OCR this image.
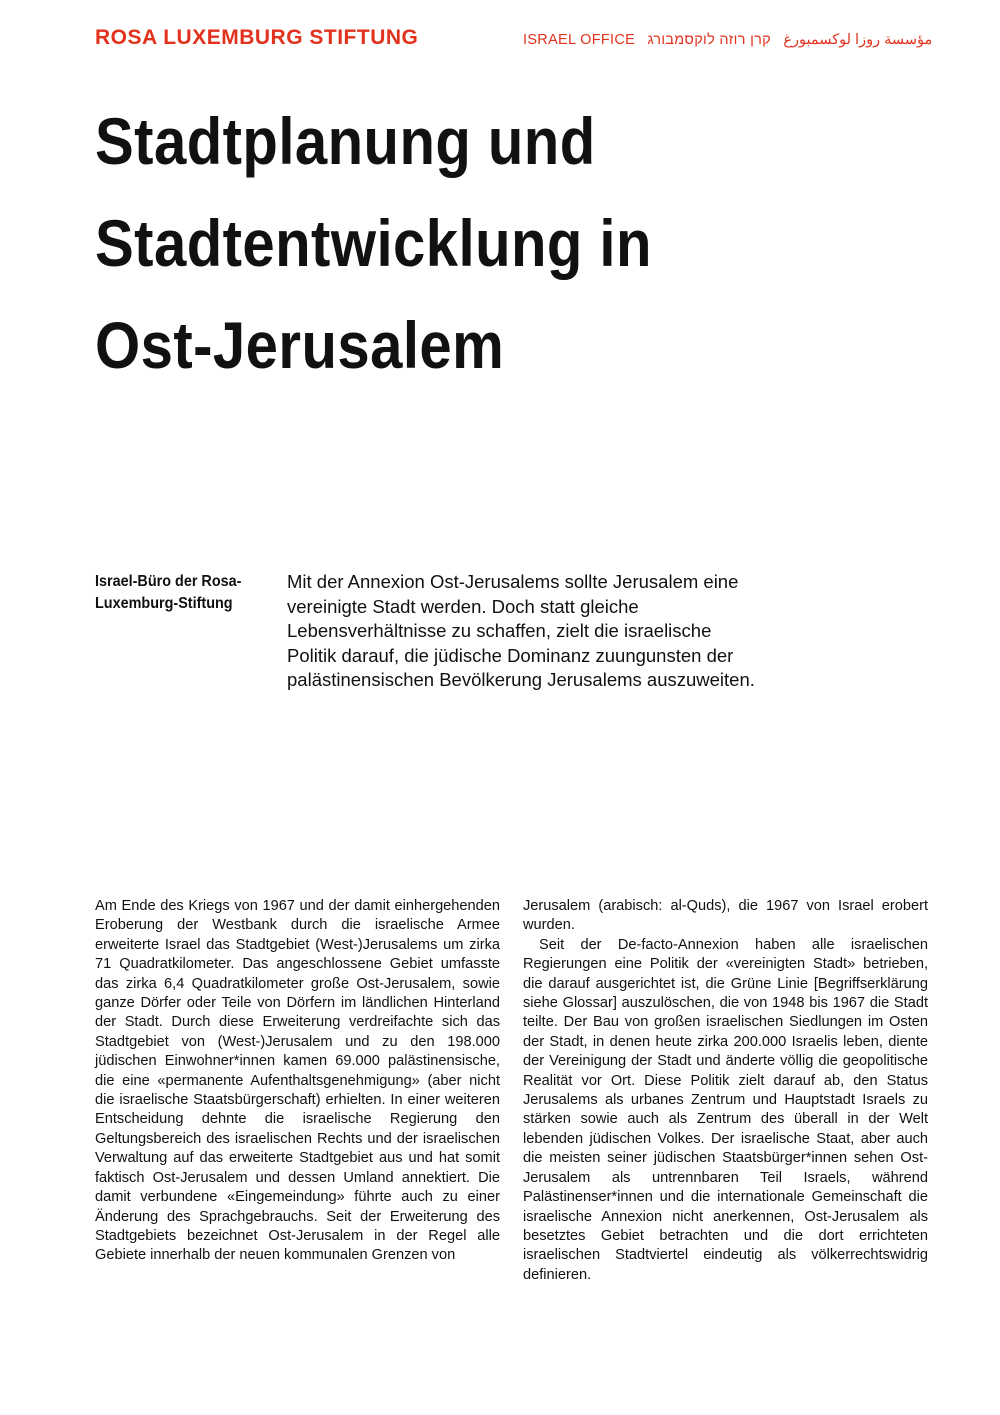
ROSA LUXEMBURG STIFTUNG	ISRAEL OFFICE קרן רוזה לוקסמבורג مؤسسة روزا لوكسمبورغ
Stadtplanung und Stadtentwicklung in Ost-Jerusalem
Israel-Büro der Rosa-Luxemburg-Stiftung

Mit der Annexion Ost-Jerusalems sollte Jerusalem eine vereinigte Stadt werden. Doch statt gleiche Lebensverhältnisse zu schaffen, zielt die israelische Politik darauf, die jüdische Dominanz zuungunsten der palästinensischen Bevölkerung Jerusalems auszuweiten.

Am Ende des Kriegs von 1967 und der damit einhergehenden Eroberung der Westbank durch die israelische Armee erweiterte Israel das Stadtgebiet (West-)Jerusalems um zirka 71 Quadratkilometer. Das angeschlossene Gebiet umfasste das zirka 6,4 Quadratkilometer große Ost-Jerusalem, sowie ganze Dörfer oder Teile von Dörfern im ländlichen Hinterland der Stadt. Durch diese Erweiterung verdreifachte sich das Stadtgebiet von (West-)Jerusalem und zu den 198.000 jüdischen Einwohner*innen kamen 69.000 palästinensische, die eine «permanente Aufenthaltsgenehmigung» (aber nicht die israelische Staatsbürgerschaft) erhielten. In einer weiteren Entscheidung dehnte die israelische Regierung den Geltungsbereich des israelischen Rechts und der israelischen Verwaltung auf das erweiterte Stadtgebiet aus und hat somit faktisch Ost-Jerusalem und dessen Umland annektiert. Die damit verbundene «Eingemeindung» führte auch zu einer Änderung des Sprachgebrauchs. Seit der Erweiterung des Stadtgebiets bezeichnet Ost-Jerusalem in der Regel alle Gebiete innerhalb der neuen kommunalen Grenzen von

Jerusalem (arabisch: al-Quds), die 1967 von Israel erobert wurden.

Seit der De-facto-Annexion haben alle israelischen Regierungen eine Politik der «vereinigten Stadt» betrieben, die darauf ausgerichtet ist, die Grüne Linie [Begriffserklärung siehe Glossar] auszulöschen, die von 1948 bis 1967 die Stadt teilte. Der Bau von großen israelischen Siedlungen im Osten der Stadt, in denen heute zirka 200.000 Israelis leben, diente der Vereinigung der Stadt und änderte völlig die geopolitische Realität vor Ort. Diese Politik zielt darauf ab, den Status Jerusalems als urbanes Zentrum und Hauptstadt Israels zu stärken sowie auch als Zentrum des überall in der Welt lebenden jüdischen Volkes. Der israelische Staat, aber auch die meisten seiner jüdischen Staatsbürger*innen sehen Ost-Jerusalem als untrennbaren Teil Israels, während Palästinenser*innen und die internationale Gemeinschaft die israelische Annexion nicht anerkennen, Ost-Jerusalem als besetztes Gebiet betrachten und die dort errichteten israelischen Stadtviertel eindeutig als völkerrechtswidrig definieren.
